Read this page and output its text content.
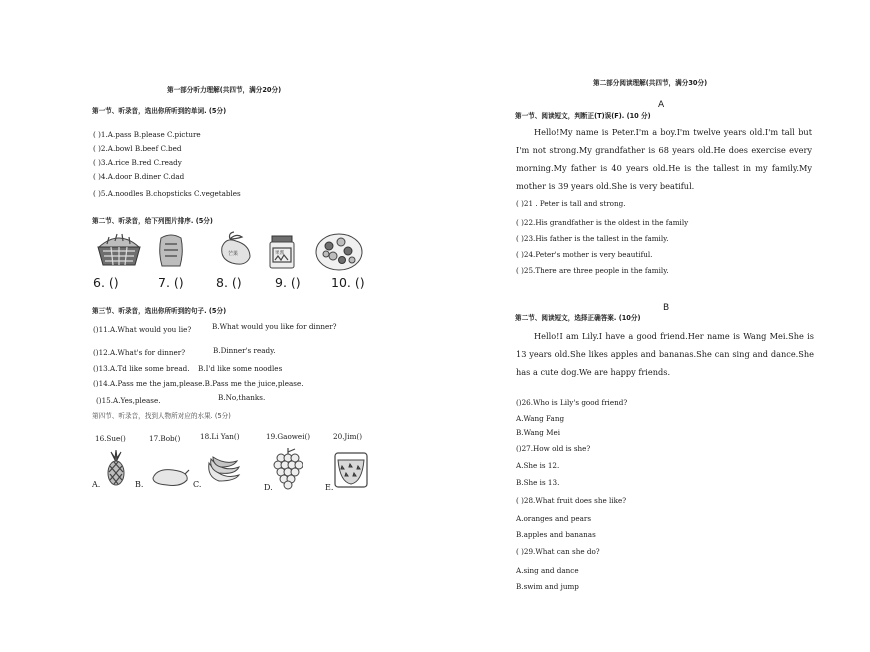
第一部分听力理解(共四节，满分20分)
第一节、听录音，选出你所听到的单词. (5分)
( )1.A.pass B.please C.picture
( )2.A.bowl B.beef C.bed
( )3.A.rice B.red C.ready
( )4.A.door B.diner C.dad
( )5.A.noodles B.chopsticks C.vegetables
第二节、听录音，给下列图片排序. (5分)
芒果	果酱
6. ()	7. ()	8. ()	9. () 10. ()
第三节、听录音，选出你所听到的句子. (5分)
()11.A.What would you lie?	B.What would you like for dinner?
()12.A.What's for dinner?	B.Dinner's ready.
()13.A.Td like some bread. B.I'd like some noodles
()14.A.Pass me the jam,please.B.Pass me the juice,please.
()15.A.Yes,please.	B.No,thanks.
第四节、听录音，找到人物所对应的水果. (5分)
16.Sue()	17.Bob()	18.Li Yan()	19.Gaowei()	20.Jim()
A.	B.	C.	D.	E.
第二部分阅读理解(共四节，满分30分)
A
第一节、阅读短文，判断正(T)误(F). (10 分)
Hello!My name is Peter.I'm a boy.I'm twelve years old.I'm tall but I'm not strong.My grandfather is 68 years old.He does exercise every morning.My father is 40 years old.He is the tallest in my family.My mother is 39 years old.She is very beatiful.
( )21 . Peter is tall and strong.
( )22.His grandfather is the oldest in the family
( )23.His father is the tallest in the family.
( )24.Peter's mother is very beautiful.
( )25.There are three people in the family.
B
第二节、阅读短文，选择正确答案. (10分)
Hello!I am Lily.I have a good friend.Her name is Wang Mei.She is 13 years old.She likes apples and bananas.She can sing and dance.She has a cute dog.We are happy friends.
()26.Who is Lily's good friend?
A.Wang Fang
B.Wang Mei
()27.How old is she?
A.She is 12.
B.She is 13.
( )28.What fruit does she like?
A.oranges and pears
B.apples and bananas
( )29.What can she do?
A.sing and dance
B.swim and jump
